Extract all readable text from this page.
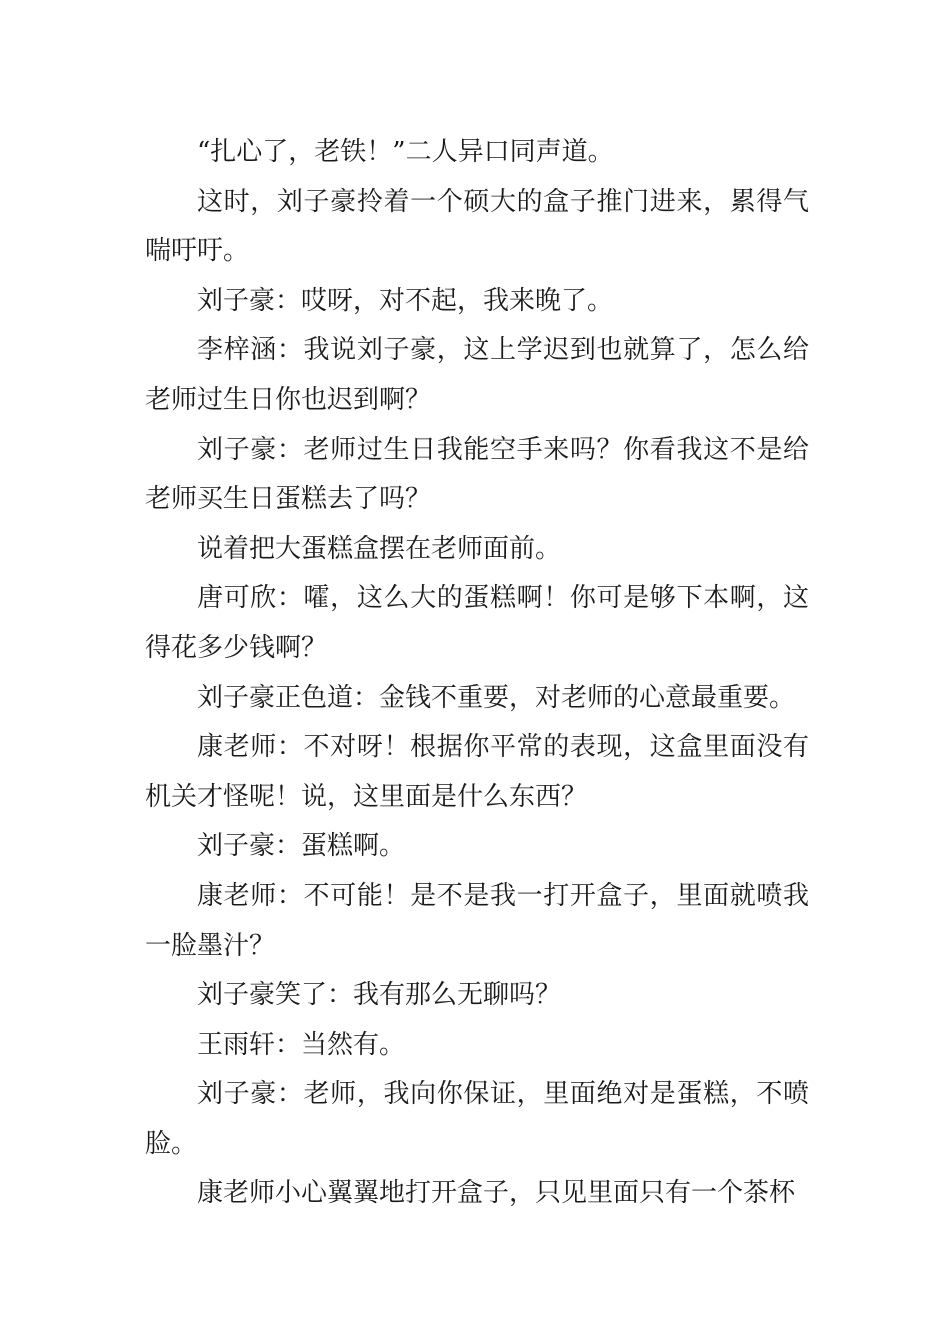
“扎心了，老铁！”二人异口同声道。

这时，刘子豪拎着一个硕大的盒子推门进来，累得气喘吁吁。

刘子豪：哎呀，对不起，我来晚了。

李梓涵：我说刘子豪，这上学迟到也就算了，怎么给老师过生日你也迟到啊？

刘子豪：老师过生日我能空手来吗？你看我这不是给老师买生日蛋糕去了吗？

说着把大蛋糕盒摆在老师面前。

唐可欣：嚯，这么大的蛋糕啊！你可是够下本啊，这得花多少钱啊？

刘子豪正色道：金钱不重要，对老师的心意最重要。

康老师：不对呀！根据你平常的表现，这盒里面没有机关才怪呢！说，这里面是什么东西？

刘子豪：蛋糕啊。

康老师：不可能！是不是我一打开盒子，里面就喷我一脸墨汁？

刘子豪笑了：我有那么无聊吗？

王雨轩：当然有。

刘子豪：老师，我向你保证，里面绝对是蛋糕，不喷脸。

康老师小心翼翼地打开盒子，只见里面只有一个茶杯
